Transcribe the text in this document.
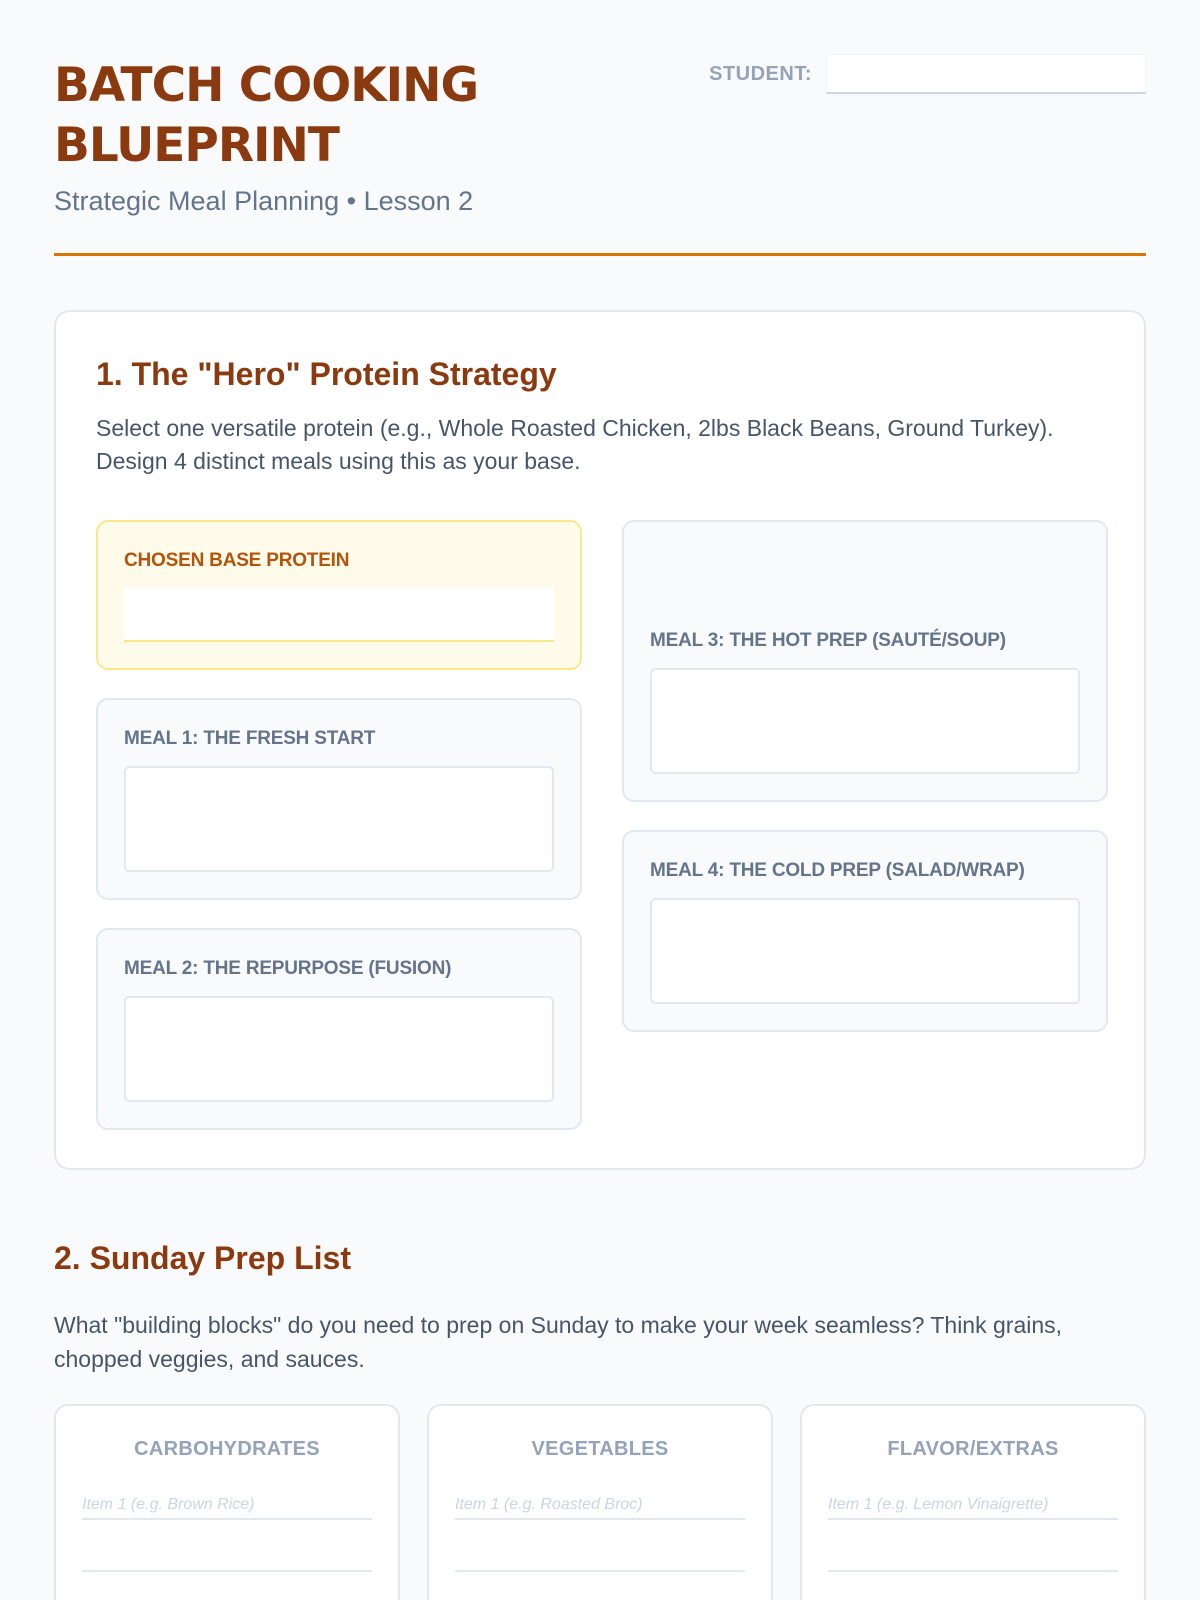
BATCH COOKING BLUEPRINT
Strategic Meal Planning • Lesson 2
STUDENT:
1. The "Hero" Protein Strategy

Select one versatile protein (e.g., Whole Roasted Chicken, 2lbs Black Beans, Ground Turkey). Design 4 distinct meals using this as your base.

CHOSEN BASE PROTEIN
MEAL 1: THE FRESH START
MEAL 2: THE REPURPOSE (FUSION)
MEAL 3: THE HOT PREP (SAUTÉ/SOUP)
MEAL 4: THE COLD PREP (SALAD/WRAP)
2. Sunday Prep List

What "building blocks" do you need to prep on Sunday to make your week seamless? Think grains, chopped veggies, and sauces.

CARBOHYDRATES
Item 1 (e.g. Brown Rice)
VEGETABLES
Item 1 (e.g. Roasted Broc)
FLAVOR/EXTRAS
Item 1 (e.g. Lemon Vinaigrette)
